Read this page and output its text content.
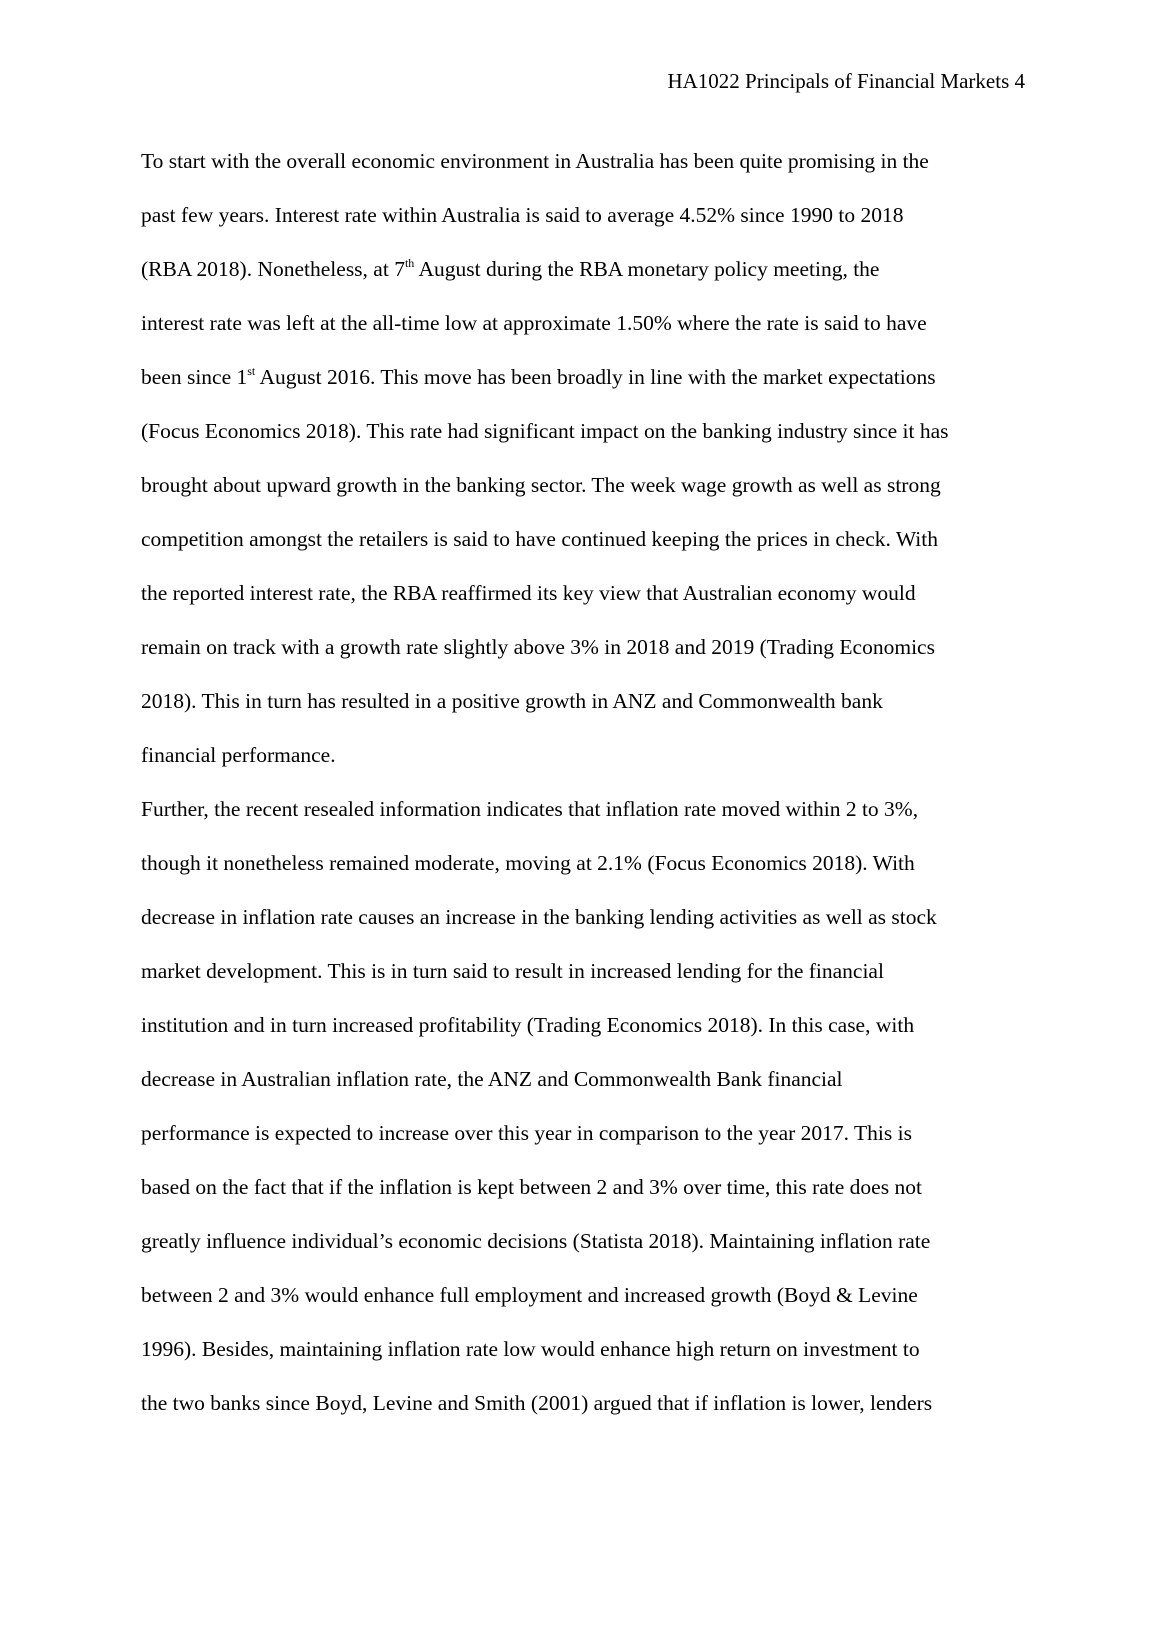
HA1022 Principals of Financial Markets 4
To start with the overall economic environment in Australia has been quite promising in the
past few years. Interest rate within Australia is said to average 4.52% since 1990 to 2018
(RBA 2018). Nonetheless, at 7th August during the RBA monetary policy meeting, the
interest rate was left at the all-time low at approximate 1.50% where the rate is said to have
been since 1st August 2016. This move has been broadly in line with the market expectations
(Focus Economics 2018). This rate had significant impact on the banking industry since it has
brought about upward growth in the banking sector. The week wage growth as well as strong
competition amongst the retailers is said to have continued keeping the prices in check. With
the reported interest rate, the RBA reaffirmed its key view that Australian economy would
remain on track with a growth rate slightly above 3% in 2018 and 2019 (Trading Economics
2018). This in turn has resulted in a positive growth in ANZ and Commonwealth bank
financial performance.
Further, the recent resealed information indicates that inflation rate moved within 2 to 3%,
though it nonetheless remained moderate, moving at 2.1% (Focus Economics 2018). With
decrease in inflation rate causes an increase in the banking lending activities as well as stock
market development. This is in turn said to result in increased lending for the financial
institution and in turn increased profitability (Trading Economics 2018). In this case, with
decrease in Australian inflation rate, the ANZ and Commonwealth Bank financial
performance is expected to increase over this year in comparison to the year 2017. This is
based on the fact that if the inflation is kept between 2 and 3% over time, this rate does not
greatly influence individual’s economic decisions (Statista 2018). Maintaining inflation rate
between 2 and 3% would enhance full employment and increased growth (Boyd & Levine
1996). Besides, maintaining inflation rate low would enhance high return on investment to
the two banks since Boyd, Levine and Smith (2001) argued that if inflation is lower, lenders
